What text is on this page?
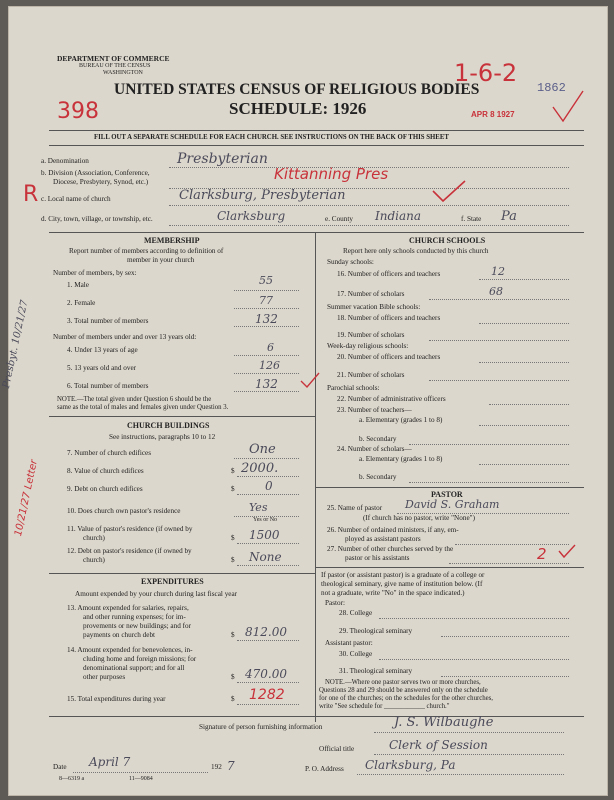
DEPARTMENT OF COMMERCE
BUREAU OF THE CENSUS
WASHINGTON
UNITED STATES CENSUS OF RELIGIOUS BODIES
SCHEDULE: 1926
FILL OUT A SEPARATE SCHEDULE FOR EACH CHURCH. SEE INSTRUCTIONS ON THE BACK OF THIS SHEET
398
1-6-2
1862
APR 8 1927
a. Denomination	Presbyterian
b. Division (Association, Conference,
Diocese, Presbytery, Synod, etc.)	Kittanning Pres
c. Local name of church	Clarksburg, Presbyterian
d. City, town, village, or township, etc.	Clarksburg	e. County Indiana	f. State Pa
MEMBERSHIP
Report number of members according to definition of
member in your church
Number of members, by sex:
1. Male	55
2. Female	77
3. Total number of members	132
Number of members under and over 13 years old:
4. Under 13 years of age	6
5. 13 years old and over	126
6. Total number of members	132
NOTE.—The total given under Question 6 should be the
same as the total of males and females given under Question 3.
CHURCH BUILDINGS
See instructions, paragraphs 10 to 12
7. Number of church edifices	One
8. Value of church edifices	$ 2000.
9. Debt on church edifices	$	0
10. Does church own pastor's residence	Yes
Yes or No
11. Value of pastor's residence (if owned by
church)	$ 1500
12. Debt on pastor's residence (if owned by
church)	$ None
EXPENDITURES
Amount expended by your church during last fiscal year
13. Amount expended for salaries, repairs,
and other running expenses; for im-
provements or new buildings; and for
payments on church debt	$ 812.00
14. Amount expended for benevolences, in-
cluding home and foreign missions; for
denominational support; and for all
other purposes	$ 470.00
15. Total expenditures during year	$ 1282
CHURCH SCHOOLS
Report here only schools conducted by this church
Sunday schools:
16. Number of officers and teachers	12
17. Number of scholars	68
Summer vacation Bible schools:
18. Number of officers and teachers
19. Number of scholars
Week-day religious schools:
20. Number of officers and teachers
21. Number of scholars
Parochial schools:
22. Number of administrative officers
23. Number of teachers—
a. Elementary (grades 1 to 8)
b. Secondary
24. Number of scholars—
a. Elementary (grades 1 to 8)
b. Secondary
PASTOR
25. Name of pastor David S. Graham
(If church has no pastor, write "None")
26. Number of ordained ministers, if any, em-
ployed as assistant pastors
27. Number of other churches served by the
pastor or his assistants	2
If pastor (or assistant pastor) is a graduate of a college or
theological seminary, give name of institution below. (If
not a graduate, write "No" in the space indicated.)
Pastor:
28. College
29. Theological seminary
Assistant pastor:
30. College
31. Theological seminary
NOTE.—Where one pastor serves two or more churches,
Questions 28 and 29 should be answered only on the schedule
for one of the churches; on the schedules for the other churches,
write "See schedule for ____________ church."
Signature of person furnishing information	J. S. Wilbaughe
Official title	Clerk of Session
Date April 7	192 7	P. O. Address Clarksburg, Pa
8—6319 a	11—9084
R
Presbyt. 10/21/27
10/21/27 Letter
